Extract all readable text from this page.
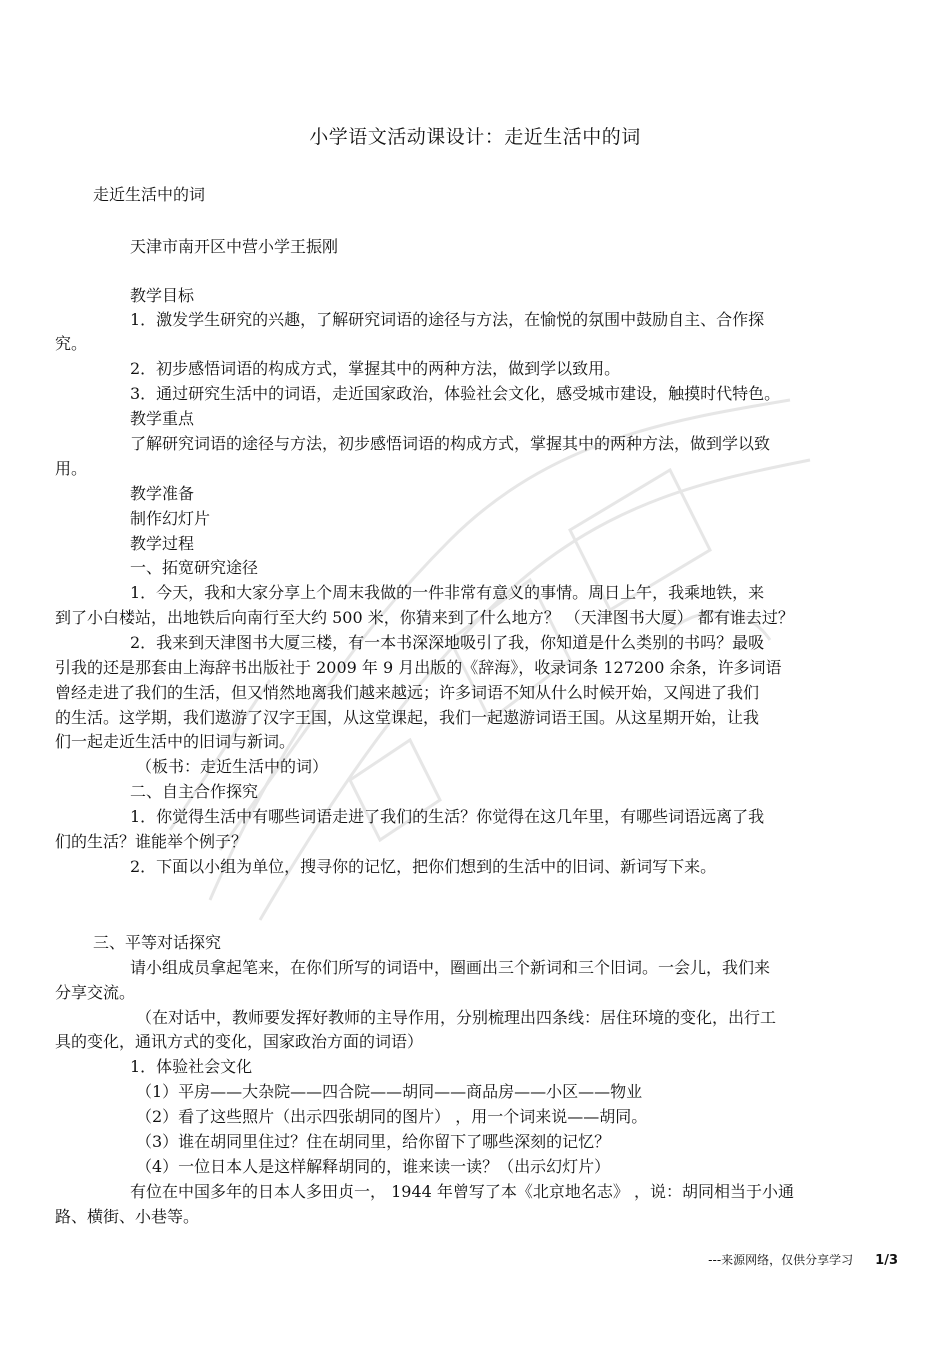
小学语文活动课设计：走近生活中的词
走近生活中的词
天津市南开区中营小学王振刚
教学目标
1．激发学生研究的兴趣，了解研究词语的途径与方法，在愉悦的氛围中鼓励自主、合作探
究。
2．初步感悟词语的构成方式，掌握其中的两种方法，做到学以致用。
3．通过研究生活中的词语，走近国家政治，体验社会文化，感受城市建设，触摸时代特色。
教学重点
了解研究词语的途径与方法，初步感悟词语的构成方式，掌握其中的两种方法，做到学以致
用。
教学准备
制作幻灯片
教学过程
一、拓宽研究途径
1．今天，我和大家分享上个周末我做的一件非常有意义的事情。周日上午，我乘地铁，来
到了小白楼站，出地铁后向南行至大约 500 米，你猜来到了什么地方？ （天津图书大厦） 都有谁去过？
2．我来到天津图书大厦三楼，有一本书深深地吸引了我，你知道是什么类别的书吗？最吸
引我的还是那套由上海辞书出版社于 2009 年 9 月出版的《辞海》，收录词条 127200 余条，许多词语
曾经走进了我们的生活，但又悄然地离我们越来越远；许多词语不知从什么时候开始，又闯进了我们
的生活。这学期，我们遨游了汉字王国，从这堂课起，我们一起遨游词语王国。从这星期开始，让我
们一起走近生活中的旧词与新词。
（板书：走近生活中的词）
二、自主合作探究
1．你觉得生活中有哪些词语走进了我们的生活？你觉得在这几年里，有哪些词语远离了我
们的生活？谁能举个例子？
2．下面以小组为单位，搜寻你的记忆，把你们想到的生活中的旧词、新词写下来。
三、平等对话探究
请小组成员拿起笔来，在你们所写的词语中，圈画出三个新词和三个旧词。一会儿，我们来
分享交流。
（在对话中，教师要发挥好教师的主导作用，分别梳理出四条线：居住环境的变化，出行工
具的变化，通讯方式的变化，国家政治方面的词语）
1．体验社会文化
（1）平房——大杂院——四合院——胡同——商品房——小区——物业
（2）看了这些照片（出示四张胡同的图片） ，用一个词来说——胡同。
（3）谁在胡同里住过？住在胡同里，给你留下了哪些深刻的记忆？
（4）一位日本人是这样解释胡同的，谁来读一读？（出示幻灯片）
有位在中国多年的日本人多田贞一， 1944 年曾写了本《北京地名志》 ，说：胡同相当于小通
路、横街、小巷等。
---来源网络，仅供分享学习 1/3
